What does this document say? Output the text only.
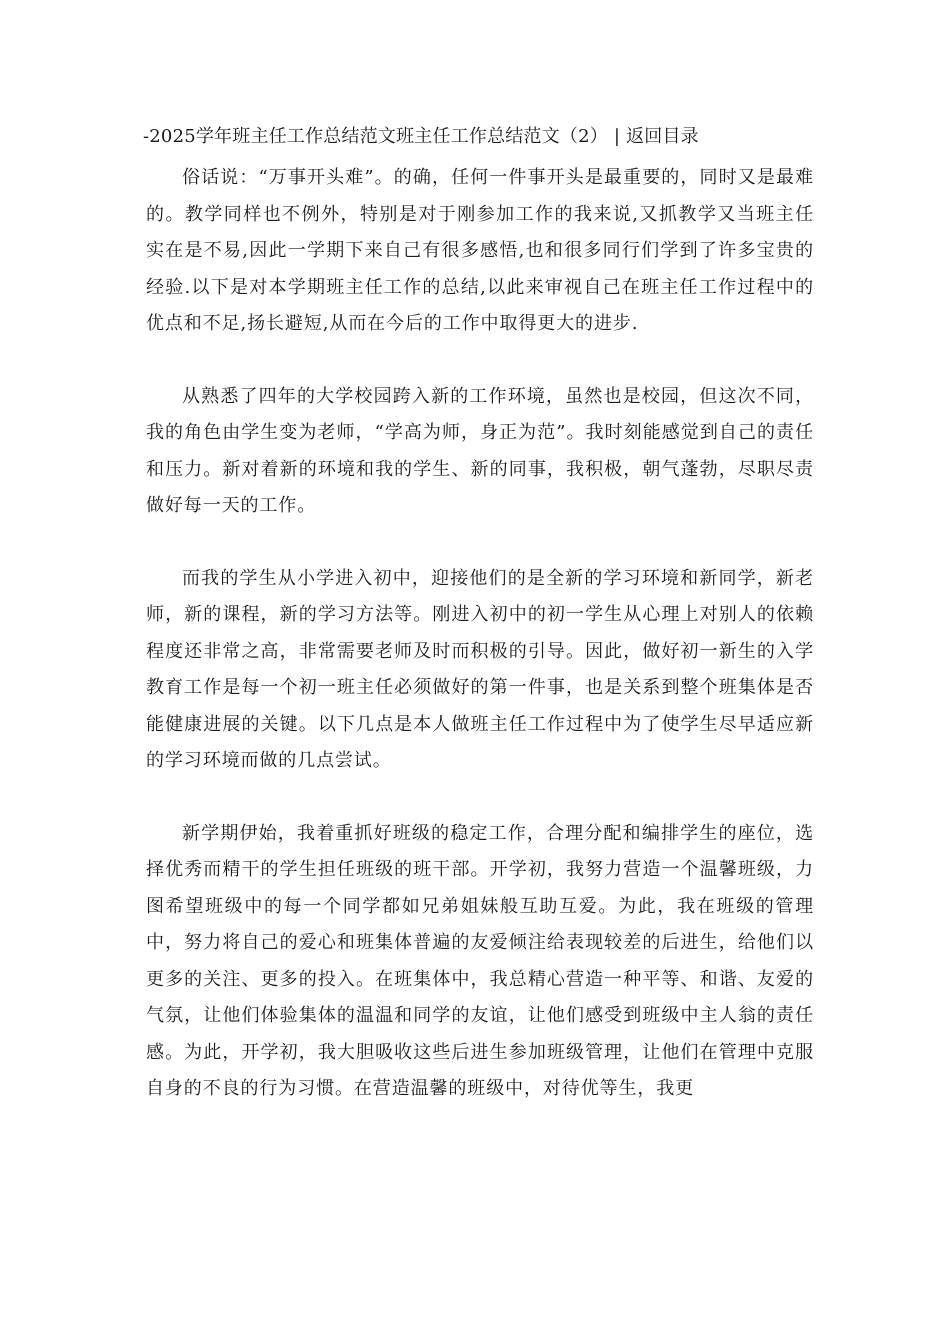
-2025学年班主任工作总结范文班主任工作总结范文（2） | 返回目录

俗话说：“万事开头难”。的确，任何一件事开头是最重要的，同时又是最难的。教学同样也不例外，特别是对于刚参加工作的我来说,又抓教学又当班主任实在是不易,因此一学期下来自己有很多感悟,也和很多同行们学到了许多宝贵的经验.以下是对本学期班主任工作的总结,以此来审视自己在班主任工作过程中的优点和不足,扬长避短,从而在今后的工作中取得更大的进步.

从熟悉了四年的大学校园跨入新的工作环境，虽然也是校园，但这次不同，我的角色由学生变为老师，“学高为师，身正为范”。我时刻能感觉到自己的责任和压力。新对着新的环境和我的学生、新的同事，我积极，朝气蓬勃，尽职尽责做好每一天的工作。

而我的学生从小学进入初中，迎接他们的是全新的学习环境和新同学，新老师，新的课程，新的学习方法等。刚进入初中的初一学生从心理上对别人的依赖程度还非常之高，非常需要老师及时而积极的引导。因此，做好初一新生的入学教育工作是每一个初一班主任必须做好的第一件事，也是关系到整个班集体是否能健康进展的关键。以下几点是本人做班主任工作过程中为了使学生尽早适应新的学习环境而做的几点尝试。

新学期伊始，我着重抓好班级的稳定工作，合理分配和编排学生的座位，选择优秀而精干的学生担任班级的班干部。开学初，我努力营造一个温馨班级，力图希望班级中的每一个同学都如兄弟姐妹般互助互爱。为此，我在班级的管理中，努力将自己的爱心和班集体普遍的友爱倾注给表现较差的后进生，给他们以更多的关注、更多的投入。在班集体中，我总精心营造一种平等、和谐、友爱的气氛，让他们体验集体的温温和同学的友谊，让他们感受到班级中主人翁的责任感。为此，开学初，我大胆吸收这些后进生参加班级管理，让他们在管理中克服自身的不良的行为习惯。在营造温馨的班级中，对待优等生，我更
